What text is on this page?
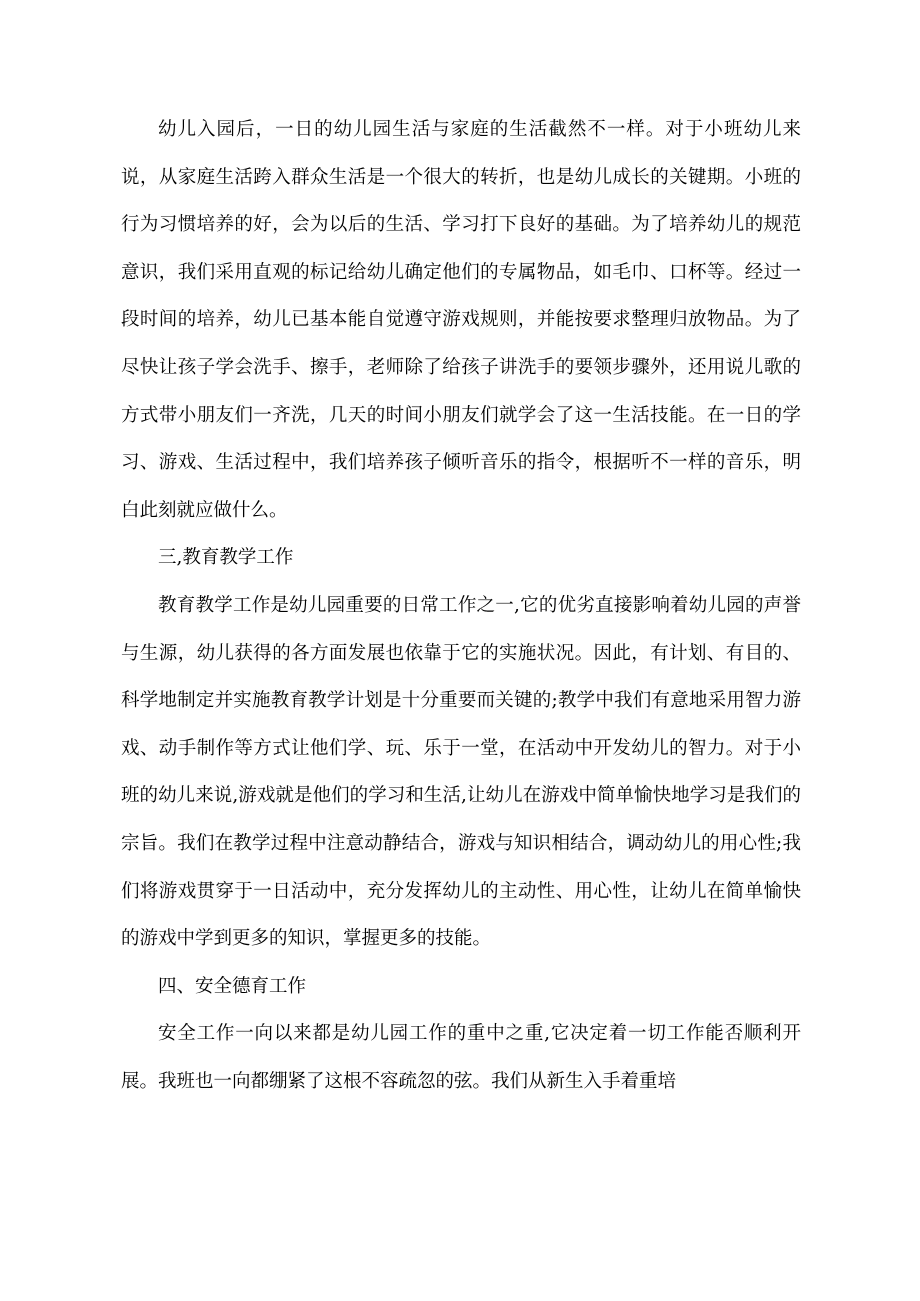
幼儿入园后，一日的幼儿园生活与家庭的生活截然不一样。对于小班幼儿来说，从家庭生活跨入群众生活是一个很大的转折，也是幼儿成长的关键期。小班的行为习惯培养的好，会为以后的生活、学习打下良好的基础。为了培养幼儿的规范意识，我们采用直观的标记给幼儿确定他们的专属物品，如毛巾、口杯等。经过一段时间的培养，幼儿已基本能自觉遵守游戏规则，并能按要求整理归放物品。为了尽快让孩子学会洗手、擦手，老师除了给孩子讲洗手的要领步骤外，还用说儿歌的方式带小朋友们一齐洗，几天的时间小朋友们就学会了这一生活技能。在一日的学习、游戏、生活过程中，我们培养孩子倾听音乐的指令，根据听不一样的音乐，明白此刻就应做什么。

三,教育教学工作

教育教学工作是幼儿园重要的日常工作之一,它的优劣直接影响着幼儿园的声誉与生源，幼儿获得的各方面发展也依靠于它的实施状况。因此，有计划、有目的、科学地制定并实施教育教学计划是十分重要而关键的;教学中我们有意地采用智力游戏、动手制作等方式让他们学、玩、乐于一堂，在活动中开发幼儿的智力。对于小班的幼儿来说,游戏就是他们的学习和生活,让幼儿在游戏中简单愉快地学习是我们的宗旨。我们在教学过程中注意动静结合，游戏与知识相结合，调动幼儿的用心性;我们将游戏贯穿于一日活动中，充分发挥幼儿的主动性、用心性，让幼儿在简单愉快的游戏中学到更多的知识，掌握更多的技能。

四、安全德育工作

安全工作一向以来都是幼儿园工作的重中之重,它决定着一切工作能否顺利开展。我班也一向都绷紧了这根不容疏忽的弦。我们从新生入手着重培
